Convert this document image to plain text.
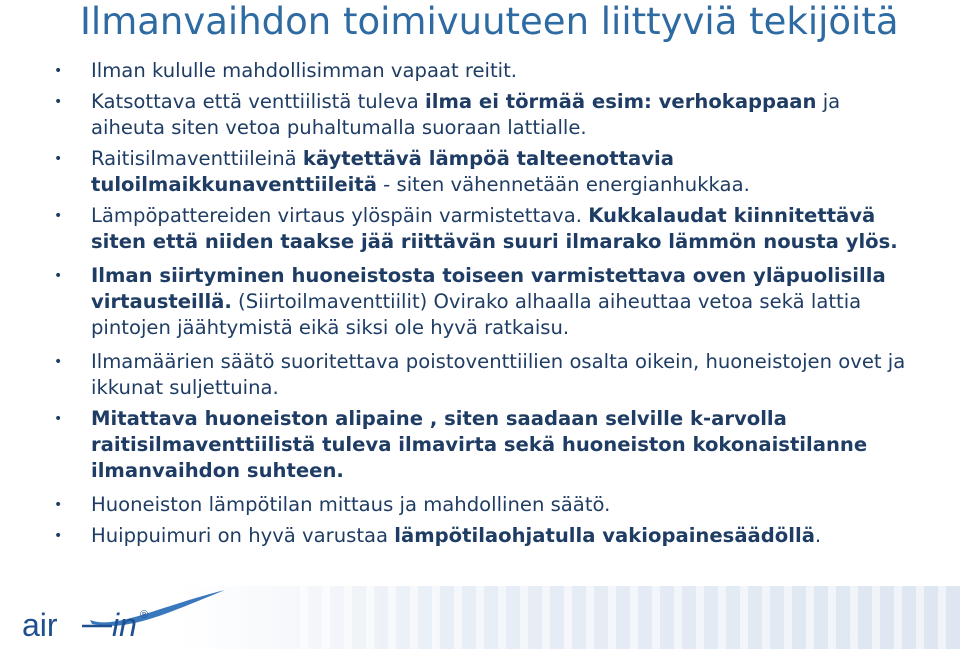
Ilmanvaihdon toimivuuteen liittyviä tekijöitä
• Ilman kululle mahdollisimman vapaat reitit.
• Katsottava että venttiilistä tuleva ilma ei törmää esim: verhokappaan ja aiheuta siten vetoa puhaltumalla suoraan lattialle.
• Raitisilmaventtiileinä käytettävä lämpöä talteenottavia tuloilmaikkunaventtiileitä - siten vähennetään energianhukkaa.
• Lämpöpattereiden virtaus ylöspäin varmistettava. Kukkalaudat kiinnitettävä siten että niiden taakse jää riittävän suuri ilmarako lämmön nousta ylös.
• Ilman siirtyminen huoneistosta toiseen varmistettava oven yläpuolisilla virtausteillä. (Siirtoilmaventtiilit) Ovirako alhaalla aiheuttaa vetoa sekä lattia pintojen jäähtymistä eikä siksi ole hyvä ratkaisu.
• Ilmamäärien säätö suoritettava poistoventtiilien osalta oikein, huoneistojen ovet ja ikkunat suljettuina.
• Mitattava huoneiston alipaine , siten saadaan selville k-arvolla raitisilmaventtiilistä tuleva ilmavirta sekä huoneiston kokonaistilanne ilmanvaihdon suhteen.
• Huoneiston lämpötilan mittaus ja mahdollinen säätö.
• Huippuimuri on hyvä varustaa lämpötilaohjatulla vakiopainesäädöllä.
air in ®
